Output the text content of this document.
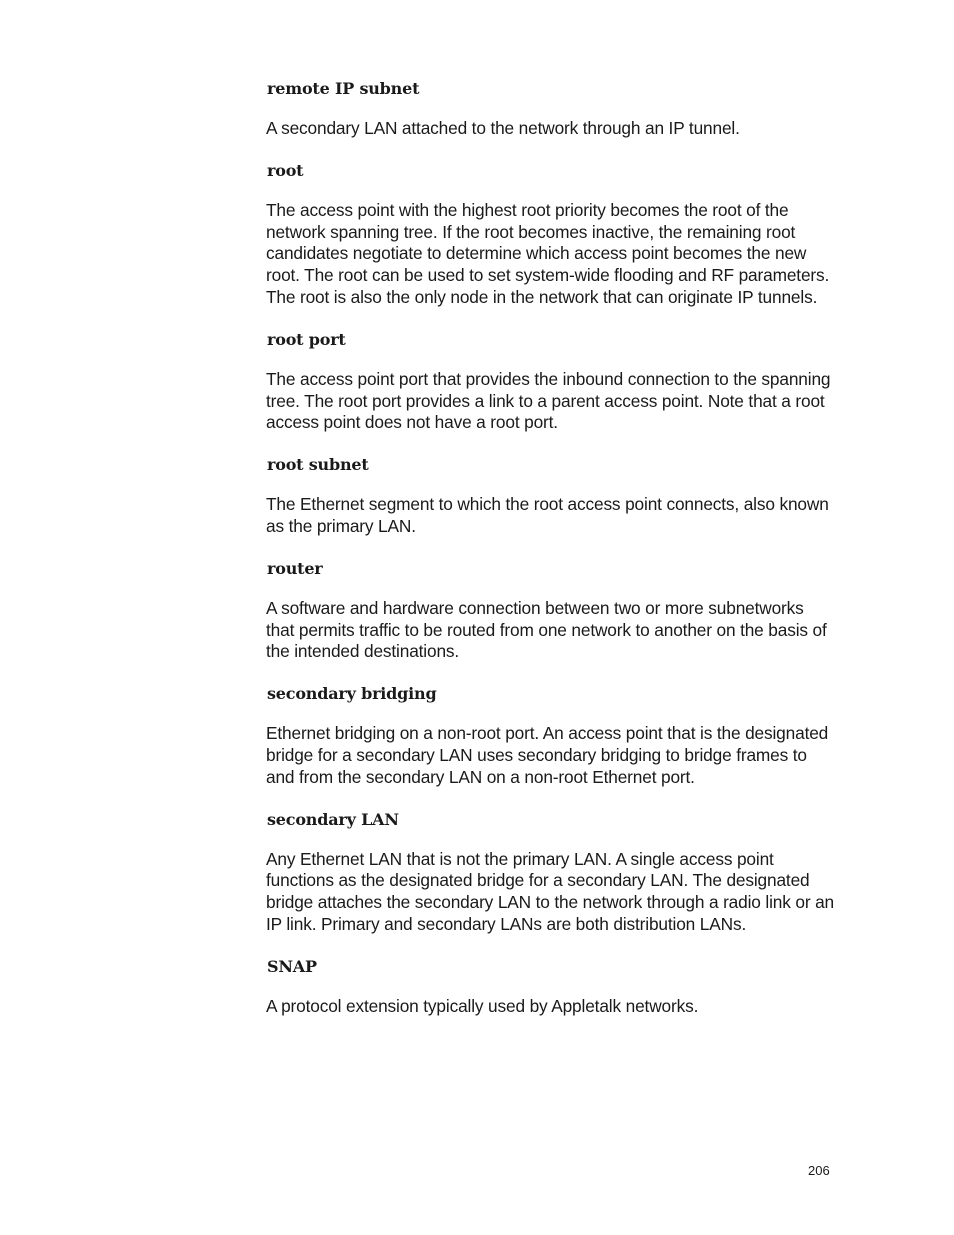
remote IP subnet

A secondary LAN attached to the network through an IP tunnel.

root

The access point with the highest root priority becomes the root of the network spanning tree. If the root becomes inactive, the remaining root candidates negotiate to determine which access point becomes the new root. The root can be used to set system-wide flooding and RF parameters. The root is also the only node in the network that can originate IP tunnels.

root port

The access point port that provides the inbound connection to the spanning tree. The root port provides a link to a parent access point. Note that a root access point does not have a root port.

root subnet

The Ethernet segment to which the root access point connects, also known as the primary LAN.

router

A software and hardware connection between two or more subnetworks that permits traffic to be routed from one network to another on the basis of the intended destinations.

secondary bridging

Ethernet bridging on a non-root port. An access point that is the designated bridge for a secondary LAN uses secondary bridging to bridge frames to and from the secondary LAN on a non-root Ethernet port.

secondary LAN

Any Ethernet LAN that is not the primary LAN. A single access point functions as the designated bridge for a secondary LAN. The designated bridge attaches the secondary LAN to the network through a radio link or an IP link. Primary and secondary LANs are both distribution LANs.

SNAP

A protocol extension typically used by Appletalk networks.

206
